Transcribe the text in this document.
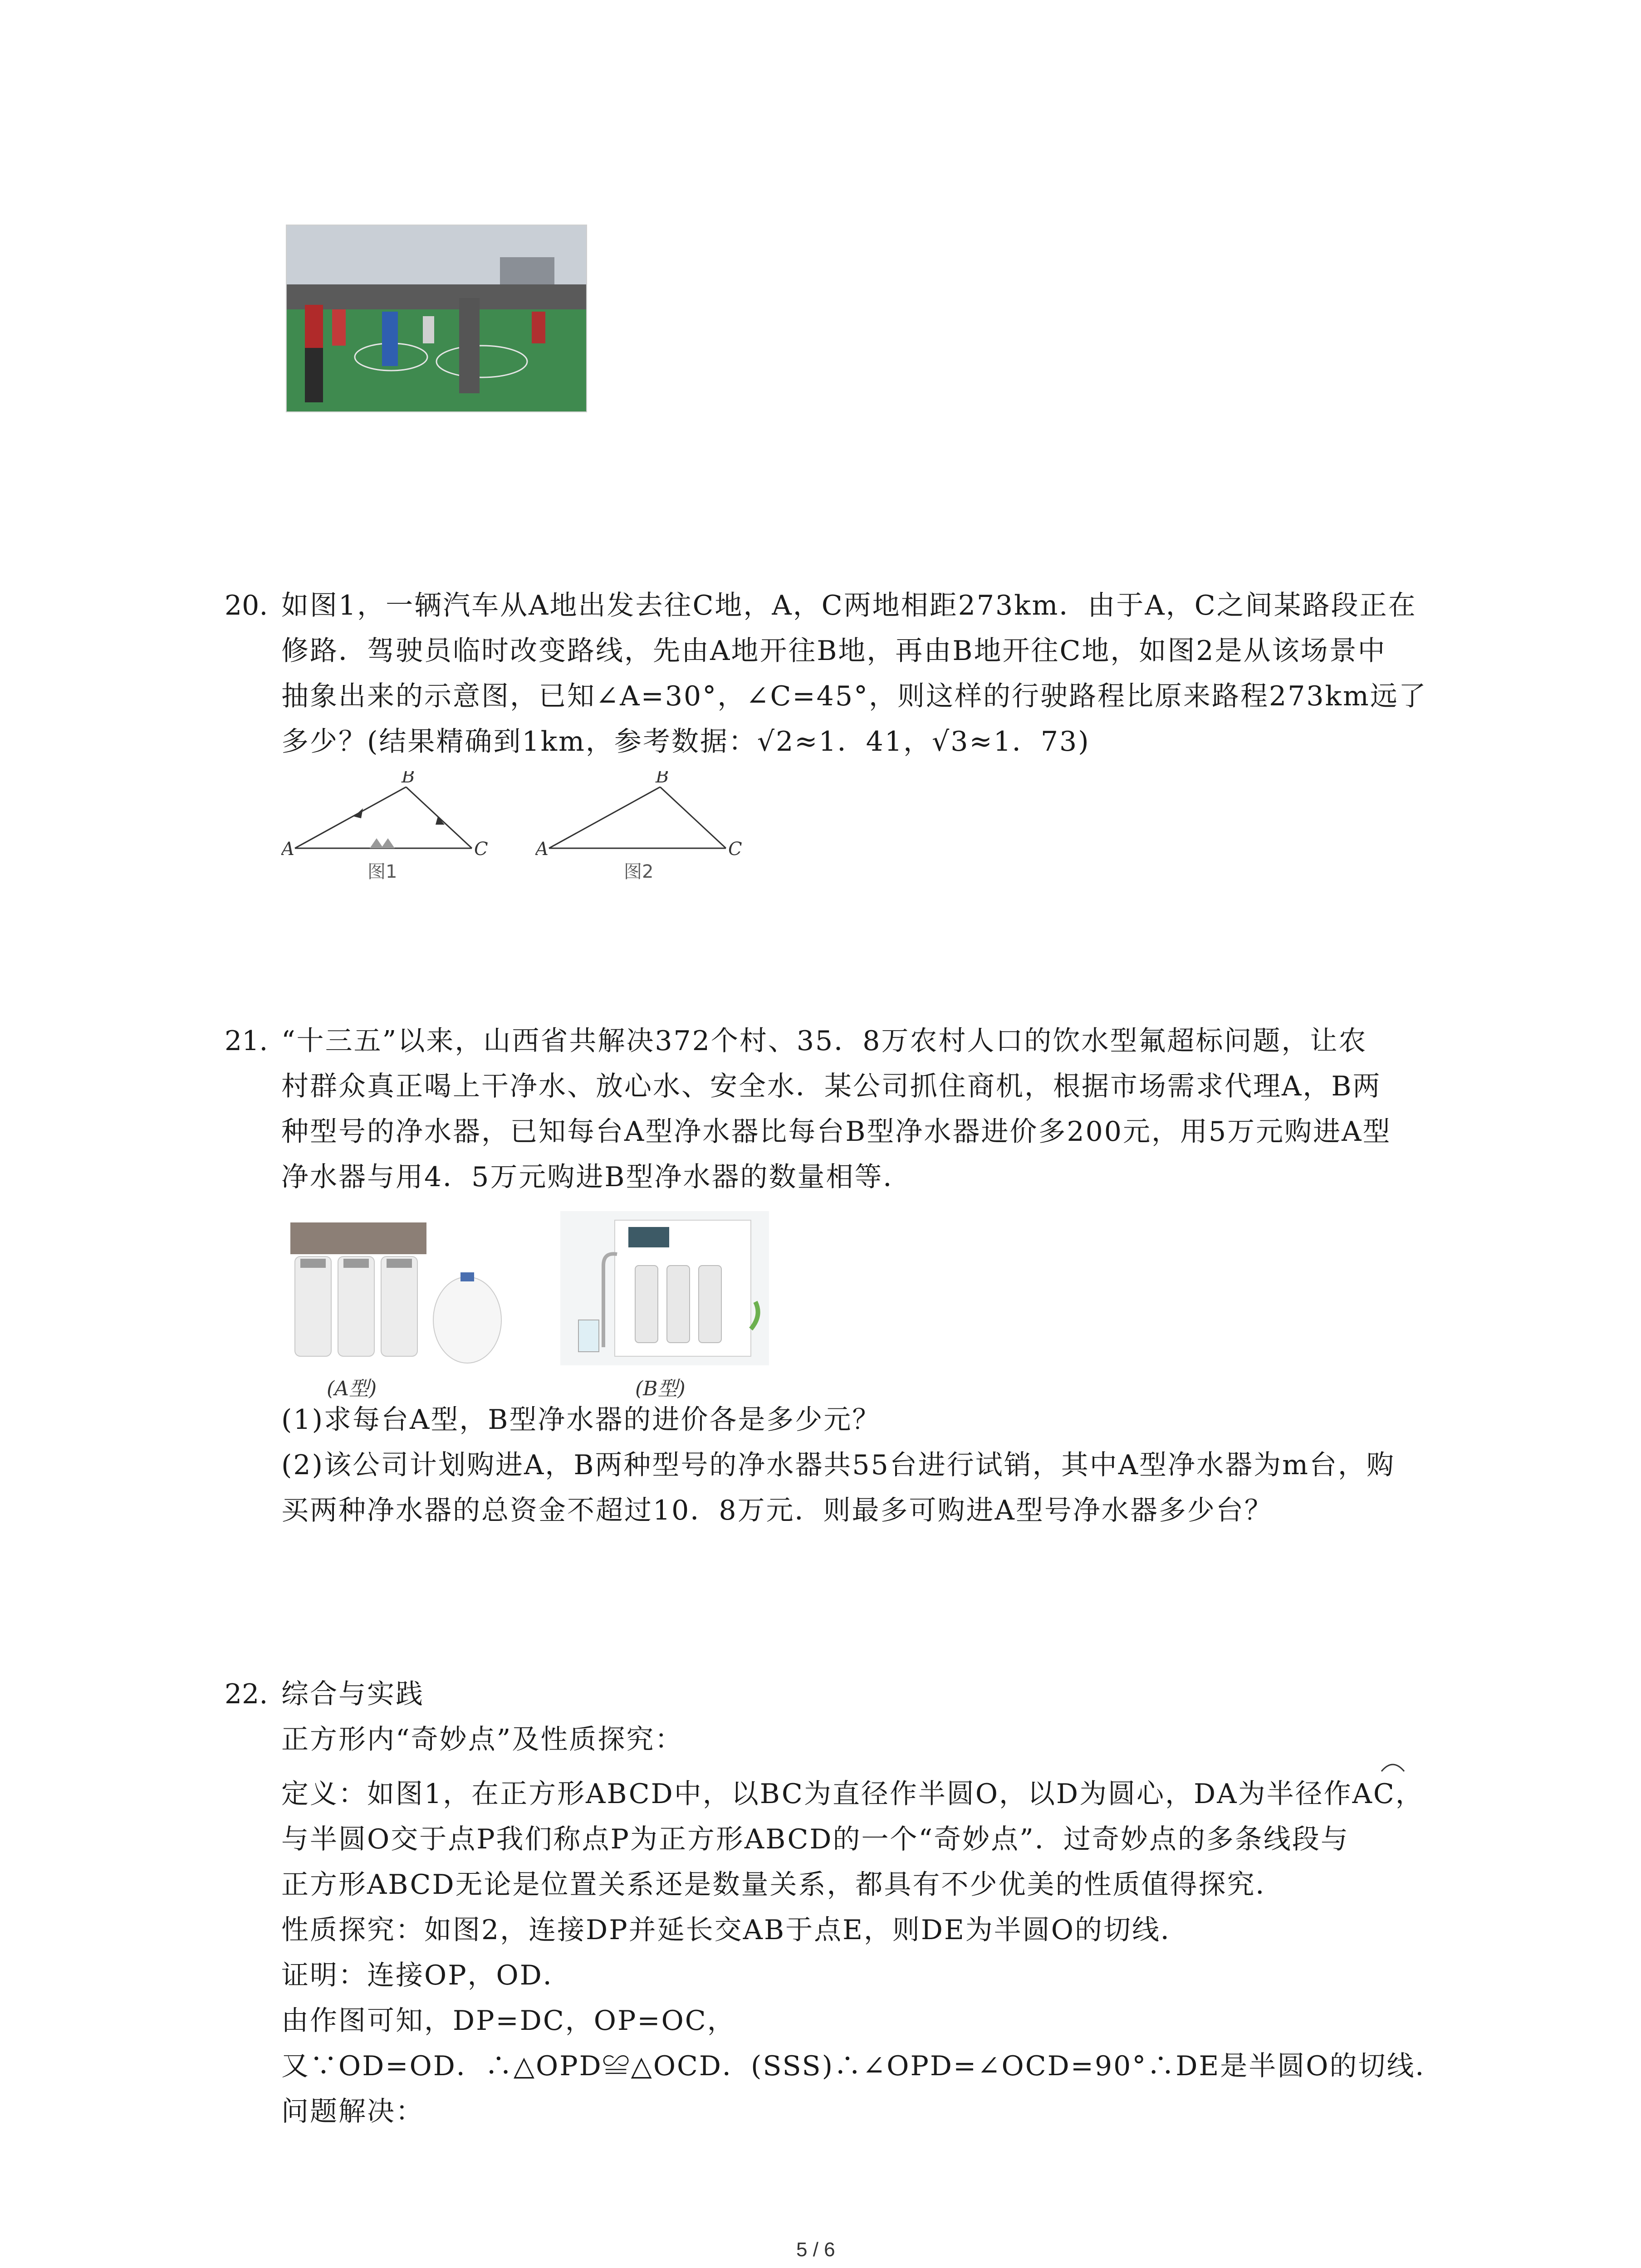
20. 如图1，一辆汽车从A地出发去往C地，A，C两地相距273km．由于A，C之间某路段正在
修路．驾驶员临时改变路线，先由A地开往B地，再由B地开往C地，如图2是从该场景中
抽象出来的示意图，已知∠A=30°，∠C=45°，则这样的行驶路程比原来路程273km远了
多少？(结果精确到1km，参考数据：√2≈1．41，√3≈1．73)
A
B
C
图1
A
B
C
图2
21. “十三五”以来，山西省共解决372个村、35．8万农村人口的饮水型氟超标问题，让农
村群众真正喝上干净水、放心水、安全水．某公司抓住商机，根据市场需求代理A，B两
种型号的净水器，已知每台A型净水器比每台B型净水器进价多200元，用5万元购进A型
净水器与用4．5万元购进B型净水器的数量相等．
(A型)	(B型)
(1)求每台A型，B型净水器的进价各是多少元？
(2)该公司计划购进A，B两种型号的净水器共55台进行试销，其中A型净水器为m台，购
买两种净水器的总资金不超过10．8万元．则最多可购进A型号净水器多少台？
22. 综合与实践
正方形内“奇妙点”及性质探究：
定义：如图1，在正方形ABCD中，以BC为直径作半圆O，以D为圆心，DA为半径作AC，
与半圆O交于点P我们称点P为正方形ABCD的一个“奇妙点”．过奇妙点的多条线段与
正方形ABCD无论是位置关系还是数量关系，都具有不少优美的性质值得探究．
性质探究：如图2，连接DP并延长交AB于点E，则DE为半圆O的切线．
证明：连接OP，OD．
由作图可知，DP=DC，OP=OC，
又∵OD=OD．∴△OPD≌△OCD．(SSS)∴∠OPD=∠OCD=90°∴DE是半圆O的切线．
问题解决：
5 / 6
